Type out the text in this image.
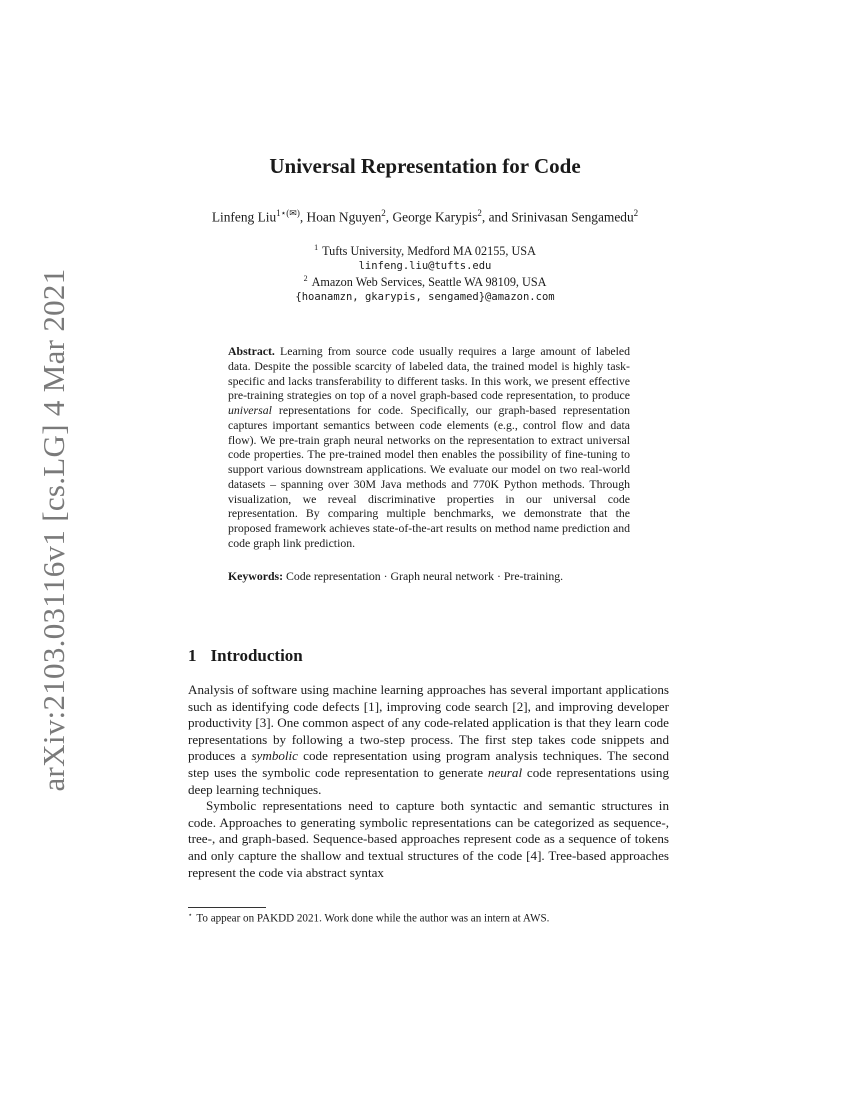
arXiv:2103.03116v1 [cs.LG] 4 Mar 2021
Universal Representation for Code
Linfeng Liu$^{1⋆(✉)}$, Hoan Nguyen$^2$, George Karypis$^2$, and Srinivasan Sengamedu$^2$
$^1$ Tufts University, Medford MA 02155, USA
linfeng.liu@tufts.edu
$^2$ Amazon Web Services, Seattle WA 98109, USA
{hoanamzn, gkarypis, sengamed}@amazon.com

Abstract. Learning from source code usually requires a large amount of labeled data. Despite the possible scarcity of labeled data, the trained model is highly task-specific and lacks transferability to different tasks. In this work, we present effective pre-training strategies on top of a novel graph-based code representation, to produce universal representations for code. Specifically, our graph-based representation captures important semantics between code elements (e.g., control flow and data flow). We pre-train graph neural networks on the representation to extract universal code properties. The pre-trained model then enables the possibility of fine-tuning to support various downstream applications. We evaluate our model on two real-world datasets – spanning over 30M Java methods and 770K Python methods. Through visualization, we reveal discriminative properties in our universal code representation. By comparing multiple benchmarks, we demonstrate that the proposed framework achieves state-of-the-art results on method name prediction and code graph link prediction.

Keywords: Code representation · Graph neural network · Pre-training.

1 Introduction

Analysis of software using machine learning approaches has several important applications such as identifying code defects [1], improving code search [2], and improving developer productivity [3]. One common aspect of any code-related application is that they learn code representations by following a two-step process. The first step takes code snippets and produces a symbolic code representation using program analysis techniques. The second step uses the symbolic code representation to generate neural code representations using deep learning techniques.

Symbolic representations need to capture both syntactic and semantic structures in code. Approaches to generating symbolic representations can be categorized as sequence-, tree-, and graph-based. Sequence-based approaches represent code as a sequence of tokens and only capture the shallow and textual structures of the code [4]. Tree-based approaches represent the code via abstract syntax

⋆ To appear on PAKDD 2021. Work done while the author was an intern at AWS.
